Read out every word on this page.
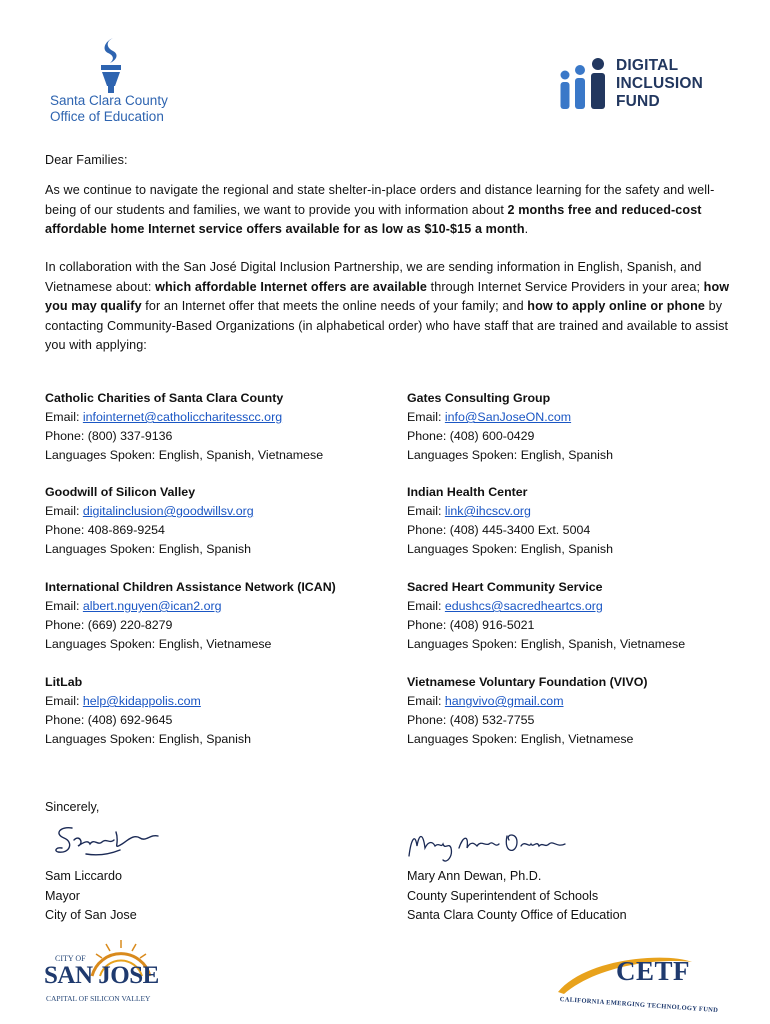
Santa Clara County
Office of Education
DIGITAL
INCLUSION
FUND
Dear Families:
As we continue to navigate the regional and state shelter-in-place orders and distance learning for the safety and well-being of our students and families, we want to provide you with information about 2 months free and reduced-cost affordable home Internet service offers available for as low as $10-$15 a month.
In collaboration with the San José Digital Inclusion Partnership, we are sending information in English, Spanish, and Vietnamese about: which affordable Internet offers are available through Internet Service Providers in your area; how you may qualify for an Internet offer that meets the online needs of your family; and how to apply online or phone by contacting Community-Based Organizations (in alphabetical order) who have staff that are trained and available to assist you with applying:
Catholic Charities of Santa Clara County
Email: infointernet@catholiccharitesscc.org
Phone: (800) 337-9136
Languages Spoken: English, Spanish, Vietnamese
Gates Consulting Group
Email: info@SanJoseON.com
Phone: (408) 600-0429
Languages Spoken: English, Spanish
Goodwill of Silicon Valley
Email: digitalinclusion@goodwillsv.org
Phone: 408-869-9254
Languages Spoken: English, Spanish
Indian Health Center
Email: link@ihcscv.org
Phone: (408) 445-3400 Ext. 5004
Languages Spoken: English, Spanish
International Children Assistance Network (ICAN)
Email: albert.nguyen@ican2.org
Phone: (669) 220-8279
Languages Spoken: English, Vietnamese
Sacred Heart Community Service
Email: edushcs@sacredheartcs.org
Phone: (408) 916-5021
Languages Spoken: English, Spanish, Vietnamese
LitLab
Email: help@kidappolis.com
Phone: (408) 692-9645
Languages Spoken: English, Spanish
Vietnamese Voluntary Foundation (VIVO)
Email: hangvivo@gmail.com
Phone: (408) 532-7755
Languages Spoken: English, Vietnamese
Sincerely,
Sam Liccardo
Mayor
City of San Jose
Mary Ann Dewan, Ph.D.
County Superintendent of Schools
Santa Clara County Office of Education
CITY OF
SAN JOSE
CAPITAL OF SILICON VALLEY
CETF
CALIFORNIA EMERGING TECHNOLOGY FUND
